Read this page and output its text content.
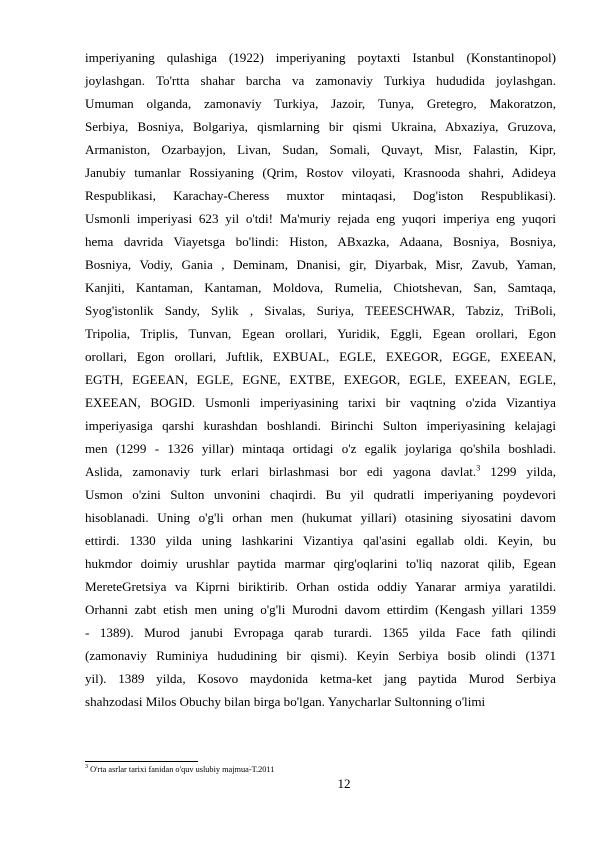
imperiyaning qulashiga (1922) imperiyaning poytaxti Istanbul (Konstantinopol)
joylashgan. To'rtta shahar barcha va zamonaviy Turkiya hududida joylashgan.
Umuman olganda, zamonaviy Turkiya, Jazoir, Tunya, Gretegro, Makoratzon,
Serbiya, Bosniya, Bolgariya, qismlarning bir qismi Ukraina, Abxaziya, Gruzova,
Armaniston, Ozarbayjon, Livan, Sudan, Somali, Quvayt, Misr, Falastin, Kipr,
Janubiy tumanlar Rossiyaning (Qrim, Rostov viloyati, Krasnooda shahri, Adideya
Respublikasi, Karachay-Cheress muxtor mintaqasi, Dog'iston Respublikasi).
Usmonli imperiyasi 623 yil o'tdi! Ma'muriy rejada eng yuqori imperiya eng yuqori
hema davrida Viayetsga bo'lindi: Histon, ABxazka, Adaana, Bosniya, Bosniya,
Bosniya, Vodiy, Gania , Deminam, Dnanisi, gir, Diyarbak, Misr, Zavub, Yaman,
Kanjiti, Kantaman, Kantaman, Moldova, Rumelia, Chiotshevan, San, Samtaqa,
Syog'istonlik Sandy, Sylik , Sivalas, Suriya, TEEESCHWAR, Tabziz, TriBoli,
Tripolia, Triplis, Tunvan, Egean orollari, Yuridik, Eggli, Egean orollari, Egon
orollari, Egon orollari, Juftlik, EXBUAL, EGLE, EXEGOR, EGGE, EXEEAN,
EGTH, EGEEAN, EGLE, EGNE, EXTBE, EXEGOR, EGLE, EXEEAN, EGLE,
EXEEAN, BOGID. Usmonli imperiyasining tarixi bir vaqtning o'zida Vizantiya
imperiyasiga qarshi kurashdan boshlandi. Birinchi Sulton imperiyasining kelajagi
men (1299 - 1326 yillar) mintaqa ortidagi o'z egalik joylariga qo'shila boshladi.
Aslida, zamonaviy turk erlari birlashmasi bor edi yagona davlat.$^3$ 1299 yilda,
Usmon o'zini Sulton unvonini chaqirdi. Bu yil qudratli imperiyaning poydevori
hisoblanadi. Uning o'g'li orhan men (hukumat yillari) otasining siyosatini davom
ettirdi. 1330 yilda uning lashkarini Vizantiya qal'asini egallab oldi. Keyin, bu
hukmdor doimiy urushlar paytida marmar qirg'oqlarini to'liq nazorat qilib, Egean
MereteGretsiya va Kiprni biriktirib. Orhan ostida oddiy Yanarar armiya yaratildi.
Orhanni zabt etish men uning o'g'li Murodni davom ettirdim (Kengash yillari 1359
- 1389). Murod janubi Evropaga qarab turardi. 1365 yilda Face fath qilindi
(zamonaviy Ruminiya hududining bir qismi). Keyin Serbiya bosib olindi (1371
yil). 1389 yilda, Kosovo maydonida ketma-ket jang paytida Murod Serbiya
shahzodasi Milos Obuchy bilan birga bo'lgan. Yanycharlar Sultonning o'limi
$^3$ O'rta asrlar tarixi fanidan o'quv uslubiy majmua-T.2011
12
